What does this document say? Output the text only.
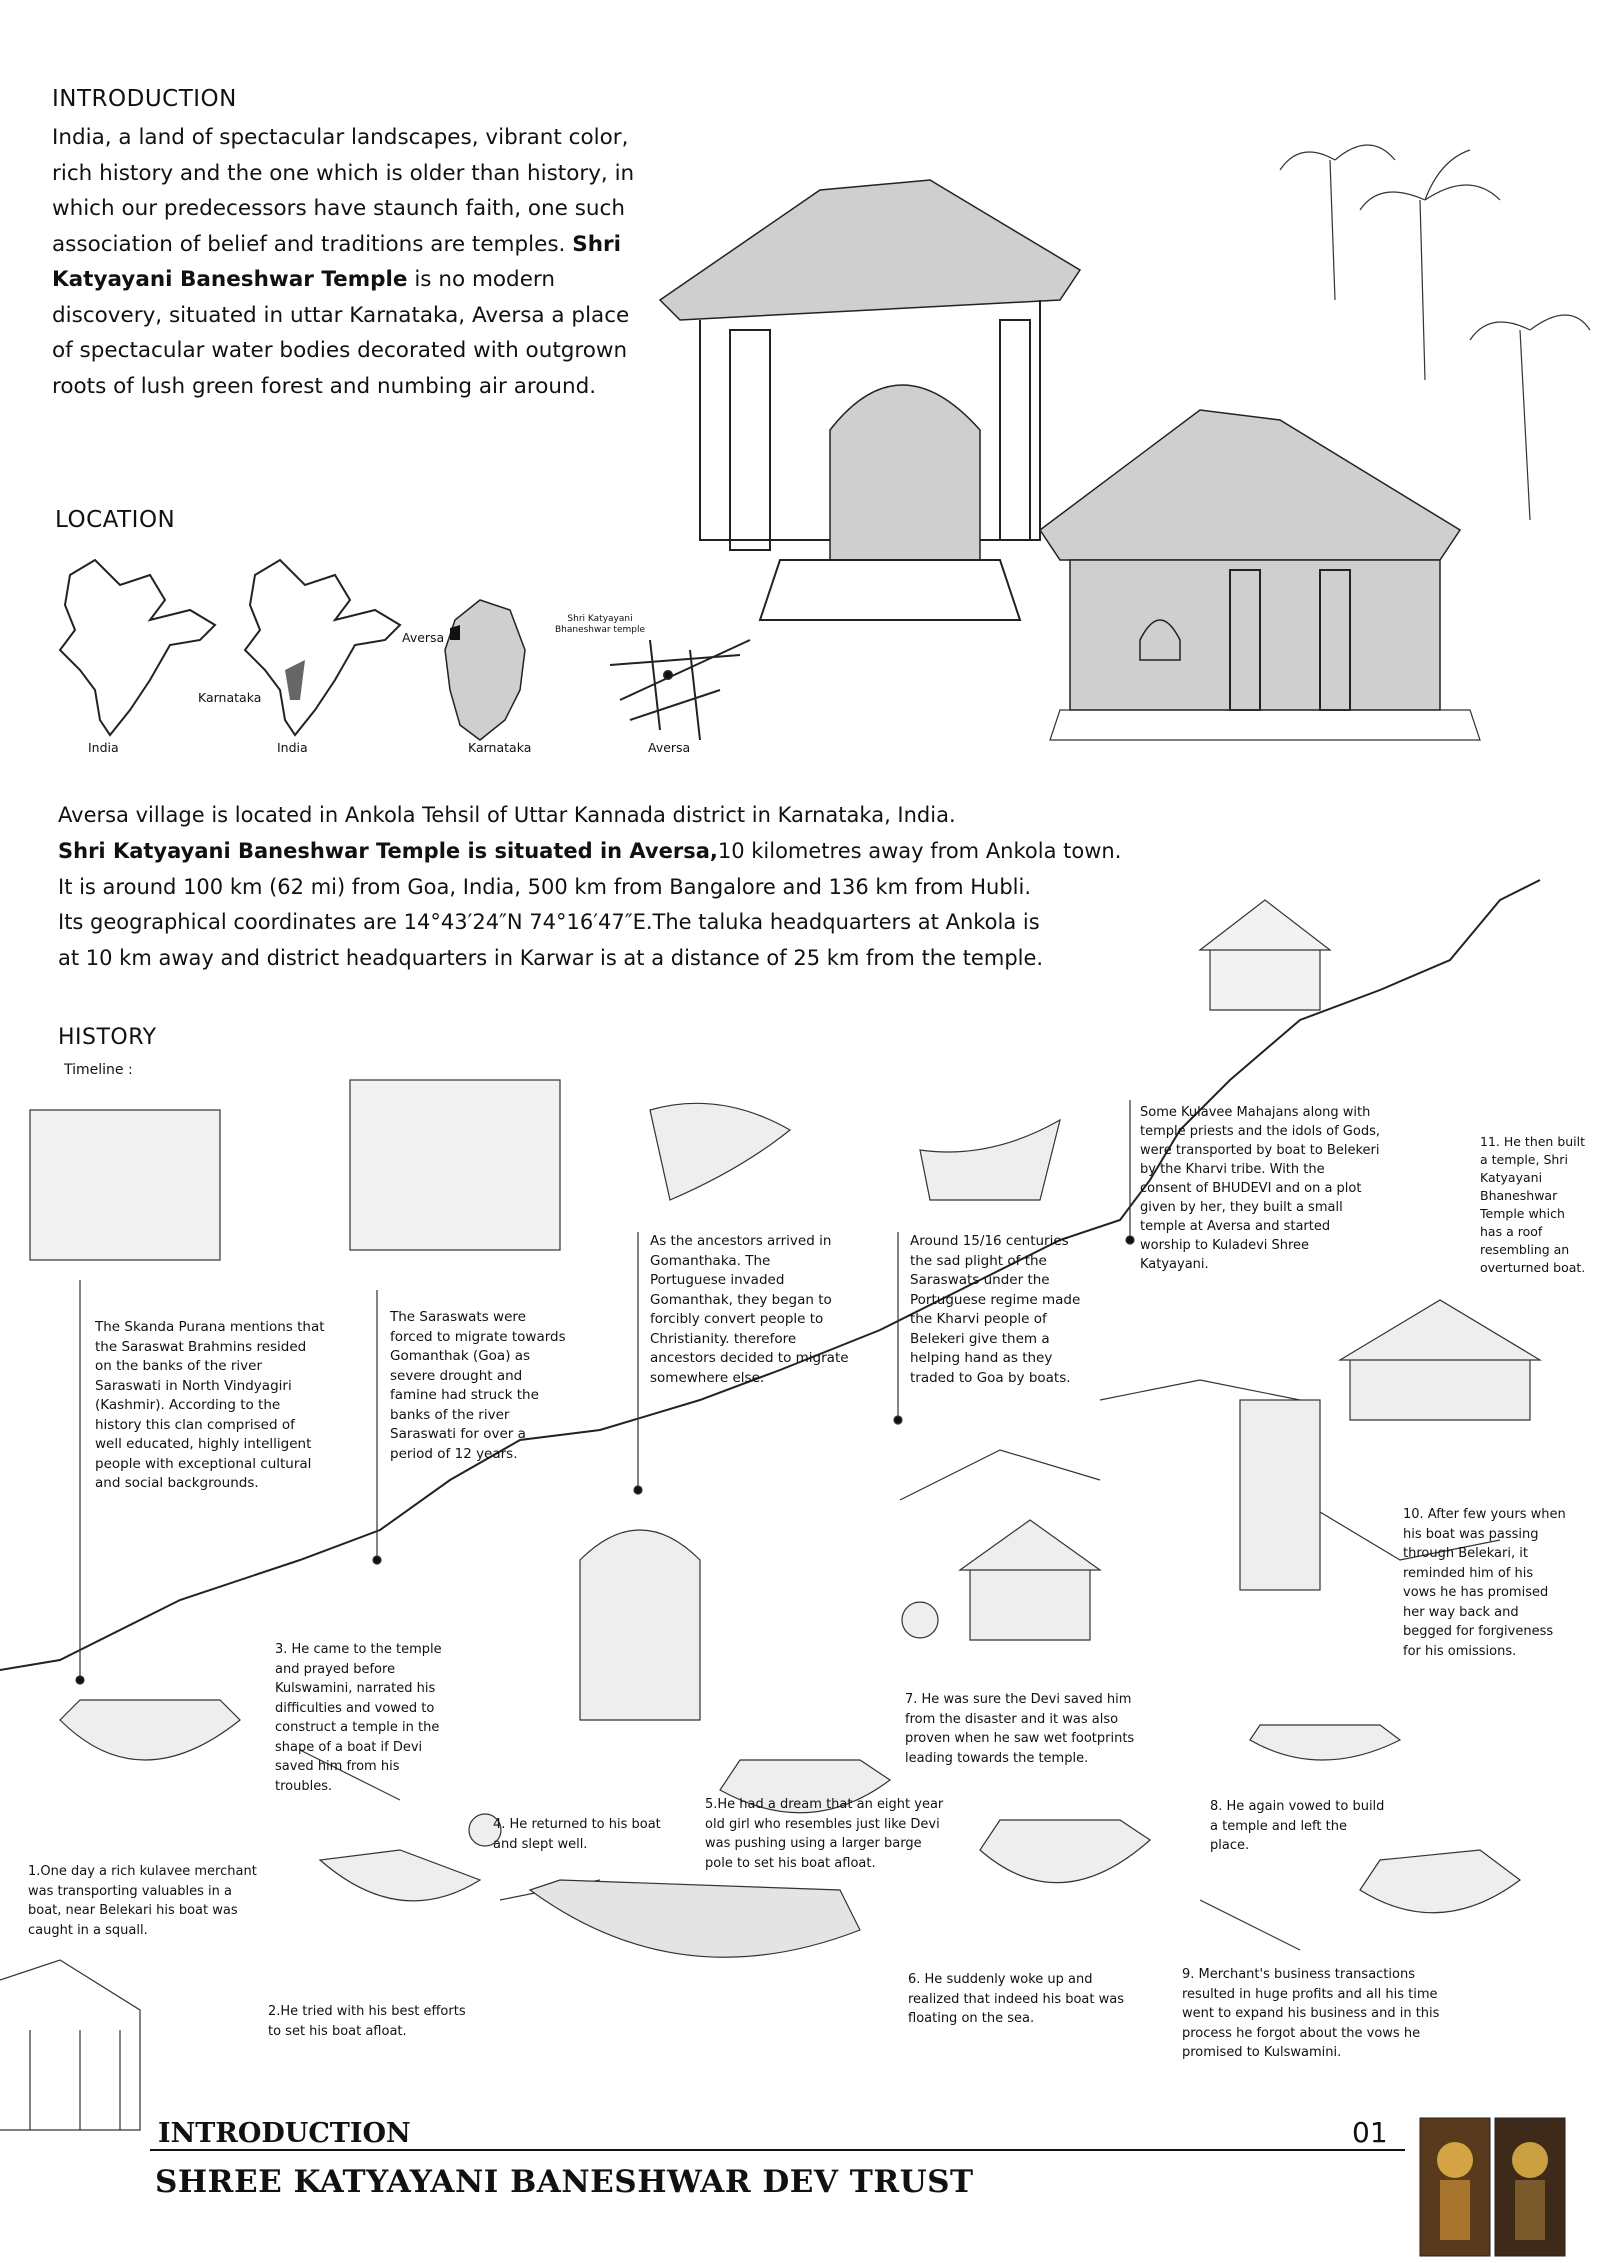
INTRODUCTION
India, a land of spectacular landscapes, vibrant color, rich history and the one which is older than history, in which our predecessors have staunch faith, one such association of belief and traditions are temples. Shri Katyayani Baneshwar Temple is no modern discovery, situated in uttar Karnataka, Aversa a place of spectacular water bodies decorated with outgrown roots of lush green forest and numbing air around.
LOCATION
India	India
Karnataka
Aversa
Karnataka
Shri Katyayani Bhaneshwar temple
Aversa
Aversa village is located in Ankola Tehsil of Uttar Kannada district in Karnataka, India.
Shri Katyayani Baneshwar Temple is situated in Aversa,10 kilometres away from Ankola town.
It is around 100 km (62 mi) from Goa, India, 500 km from Bangalore and 136 km from Hubli.
Its geographical coordinates are 14°43′24″N 74°16′47″E.The taluka headquarters at Ankola is
at 10 km away and district headquarters in Karwar is at a distance of 25 km from the temple.
HISTORY
Timeline :
The Skanda Purana mentions that the Saraswat Brahmins resided on the banks of the river Saraswati in North Vindyagiri (Kashmir). According to the history this clan comprised of well educated, highly intelligent people with exceptional cultural and social backgrounds.
The Saraswats were forced to migrate towards Gomanthak (Goa) as severe drought and famine had struck the banks of the river Saraswati for over a period of 12 years.
As the ancestors arrived in Gomanthaka. The Portuguese invaded Gomanthak, they began to forcibly convert people to Christianity. therefore ancestors decided to migrate somewhere else.
Around 15/16 centuries the sad plight of the Saraswats under the Portuguese regime made the Kharvi people of Belekeri give them a helping hand as they traded to Goa by boats.
Some Kulavee Mahajans along with temple priests and the idols of Gods, were transported by boat to Belekeri by the Kharvi tribe. With the consent of BHUDEVI and on a plot given by her, they built a small temple at Aversa and started worship to Kuladevi Shree Katyayani.
1.One day a rich kulavee merchant was transporting valuables in a boat, near Belekari his boat was caught in a squall.
2.He tried with his best efforts to set his boat afloat.
3. He came to the temple and prayed before Kulswamini, narrated his difficulties and vowed to construct a temple in the shape of a boat if Devi saved him from his troubles.
4. He returned to his boat and slept well.
5.He had a dream that an eight year old girl who resembles just like Devi was pushing using a larger barge pole to set his boat afloat.
6. He suddenly woke up and realized that indeed his boat was floating on the sea.
7. He was sure the Devi saved him from the disaster and it was also proven when he saw wet footprints leading towards the temple.
8. He again vowed to build a temple and left the place.
9. Merchant's business transactions resulted in huge profits and all his time went to expand his business and in this process he forgot about the vows he promised to Kulswamini.
10. After few yours when his boat was passing through Belekari, it reminded him of his vows he has promised her way back and begged for forgiveness for his omissions.
11. He then built a temple, Shri Katyayani Bhaneshwar Temple which has a roof resembling an overturned boat.
INTRODUCTION
SHREE KATYAYANI BANESHWAR DEV TRUST
01
